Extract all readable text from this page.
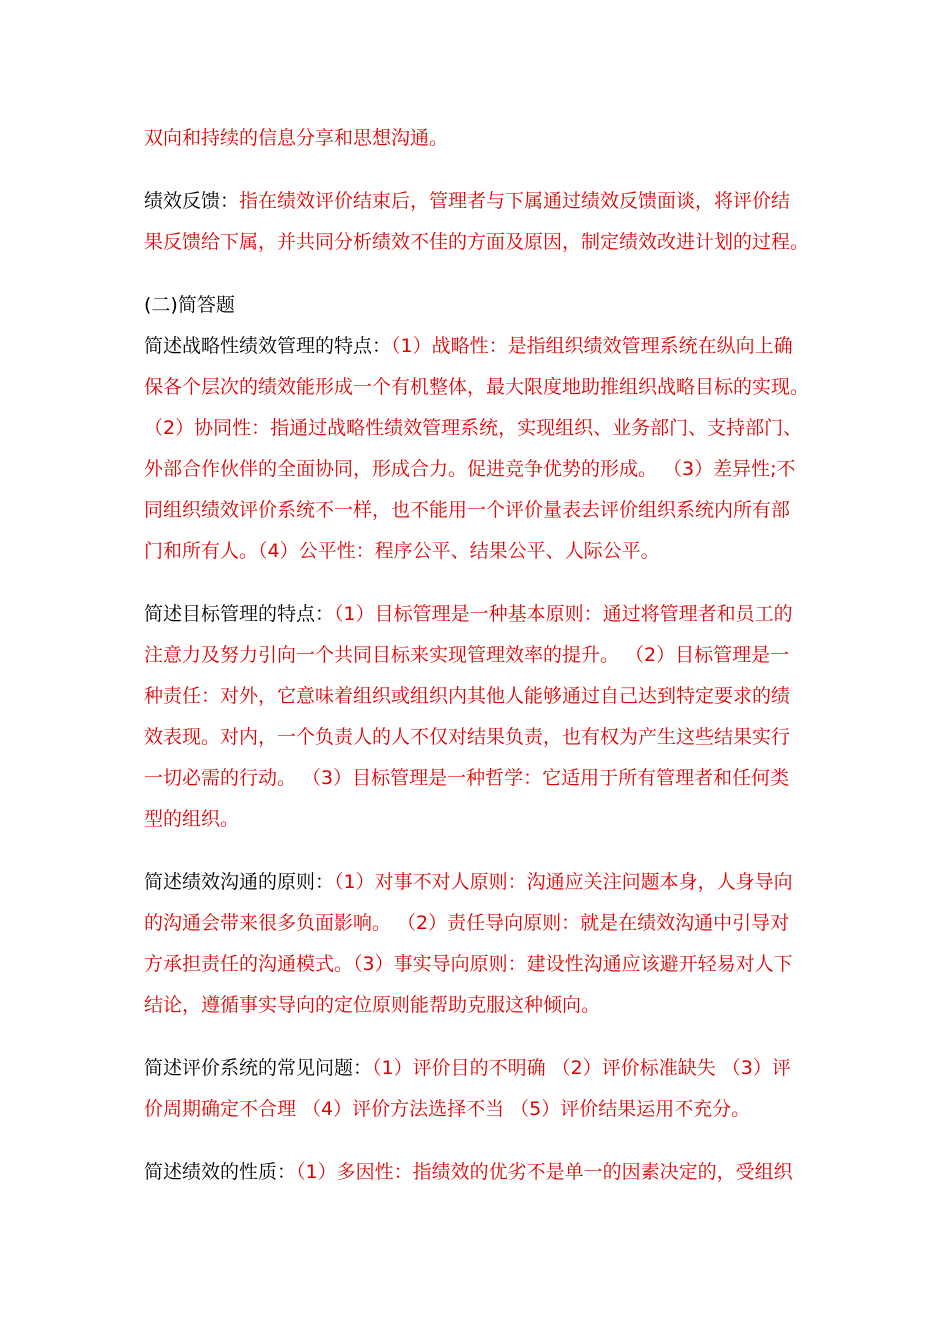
双向和持续的信息分享和思想沟通。
绩效反馈：指在绩效评价结束后，管理者与下属通过绩效反馈面谈，将评价结
果反馈给下属，并共同分析绩效不佳的方面及原因，制定绩效改进计划的过程。
(二)简答题
简述战略性绩效管理的特点：（1）战略性：是指组织绩效管理系统在纵向上确
保各个层次的绩效能形成一个有机整体，最大限度地助推组织战略目标的实现。
（2）协同性：指通过战略性绩效管理系统，实现组织、业务部门、支持部门、
外部合作伙伴的全面协同，形成合力。促进竞争优势的形成。 （3）差异性;不
同组织绩效评价系统不一样，也不能用一个评价量表去评价组织系统内所有部
门和所有人。（4）公平性：程序公平、结果公平、人际公平。
简述目标管理的特点：（1）目标管理是一种基本原则：通过将管理者和员工的
注意力及努力引向一个共同目标来实现管理效率的提升。 （2）目标管理是一
种责任：对外，它意味着组织或组织内其他人能够通过自己达到特定要求的绩
效表现。对内，一个负责人的人不仅对结果负责，也有权为产生这些结果实行
一切必需的行动。 （3）目标管理是一种哲学：它适用于所有管理者和任何类
型的组织。
简述绩效沟通的原则：（1）对事不对人原则：沟通应关注问题本身，人身导向
的沟通会带来很多负面影响。 （2）责任导向原则：就是在绩效沟通中引导对
方承担责任的沟通模式。（3）事实导向原则：建设性沟通应该避开轻易对人下
结论，遵循事实导向的定位原则能帮助克服这种倾向。
简述评价系统的常见问题：（1）评价目的不明确 （2）评价标准缺失 （3）评
价周期确定不合理 （4）评价方法选择不当 （5）评价结果运用不充分。
简述绩效的性质：（1）多因性：指绩效的优劣不是单一的因素决定的，受组织
